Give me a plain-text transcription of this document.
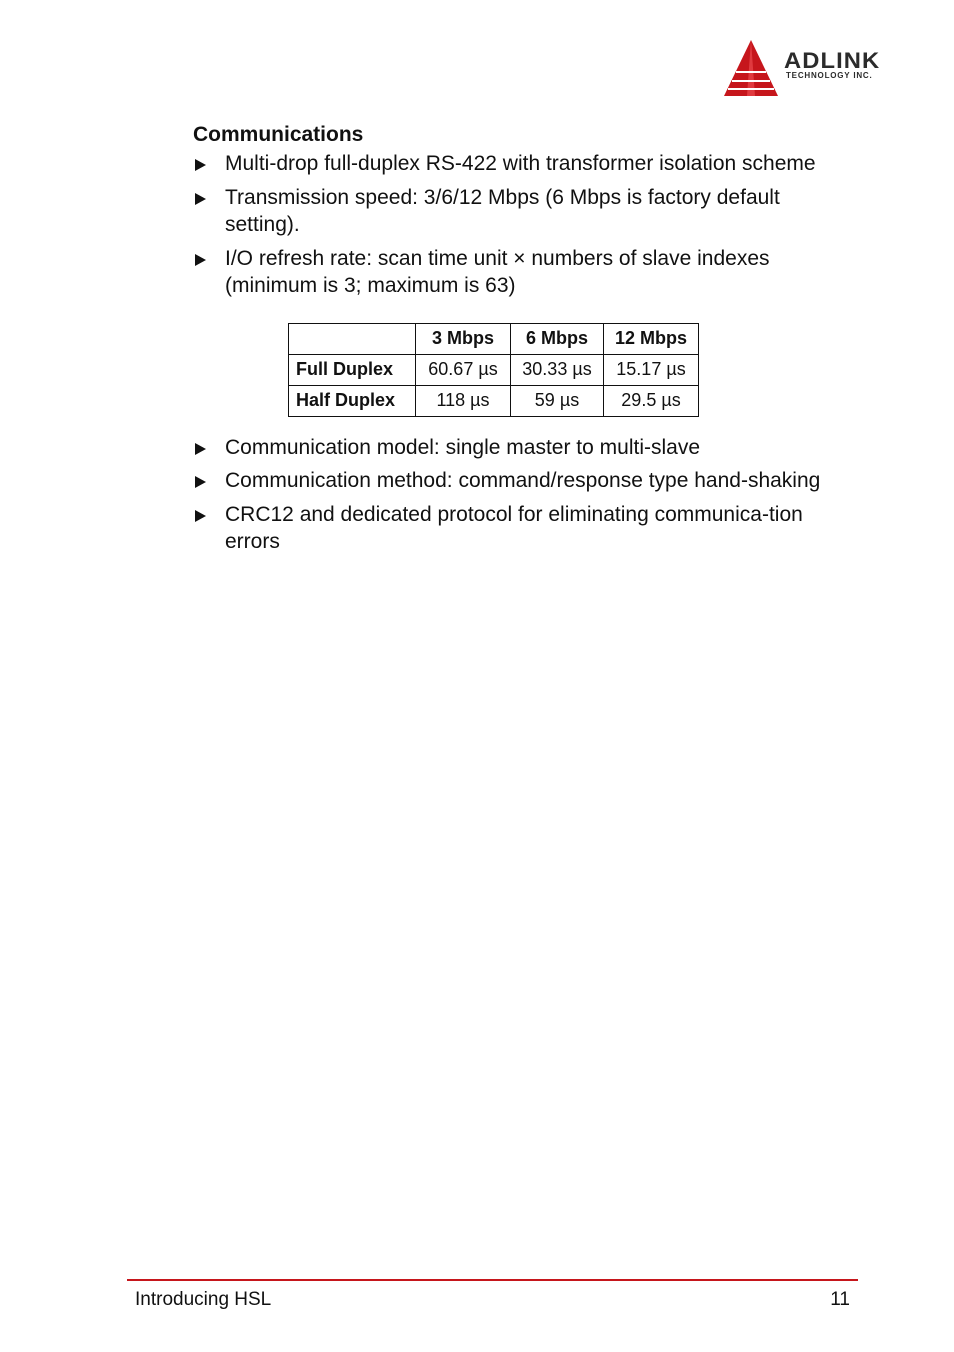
ADLINK
TECHNOLOGY INC.

Communications

Multi-drop full-duplex RS-422 with transformer isolation scheme
Transmission speed: 3/6/12 Mbps (6 Mbps is factory default setting).
I/O refresh rate: scan time unit × numbers of slave indexes (minimum is 3; maximum is 63)
	3 Mbps	6 Mbps	12 Mbps
Full Duplex	60.67 µs	30.33 µs	15.17 µs
Half Duplex	118 µs	59 µs	29.5 µs
Communication model: single master to multi-slave
Communication method: command/response type hand-shaking
CRC12 and dedicated protocol for eliminating communica-tion errors
Introducing HSL	11
